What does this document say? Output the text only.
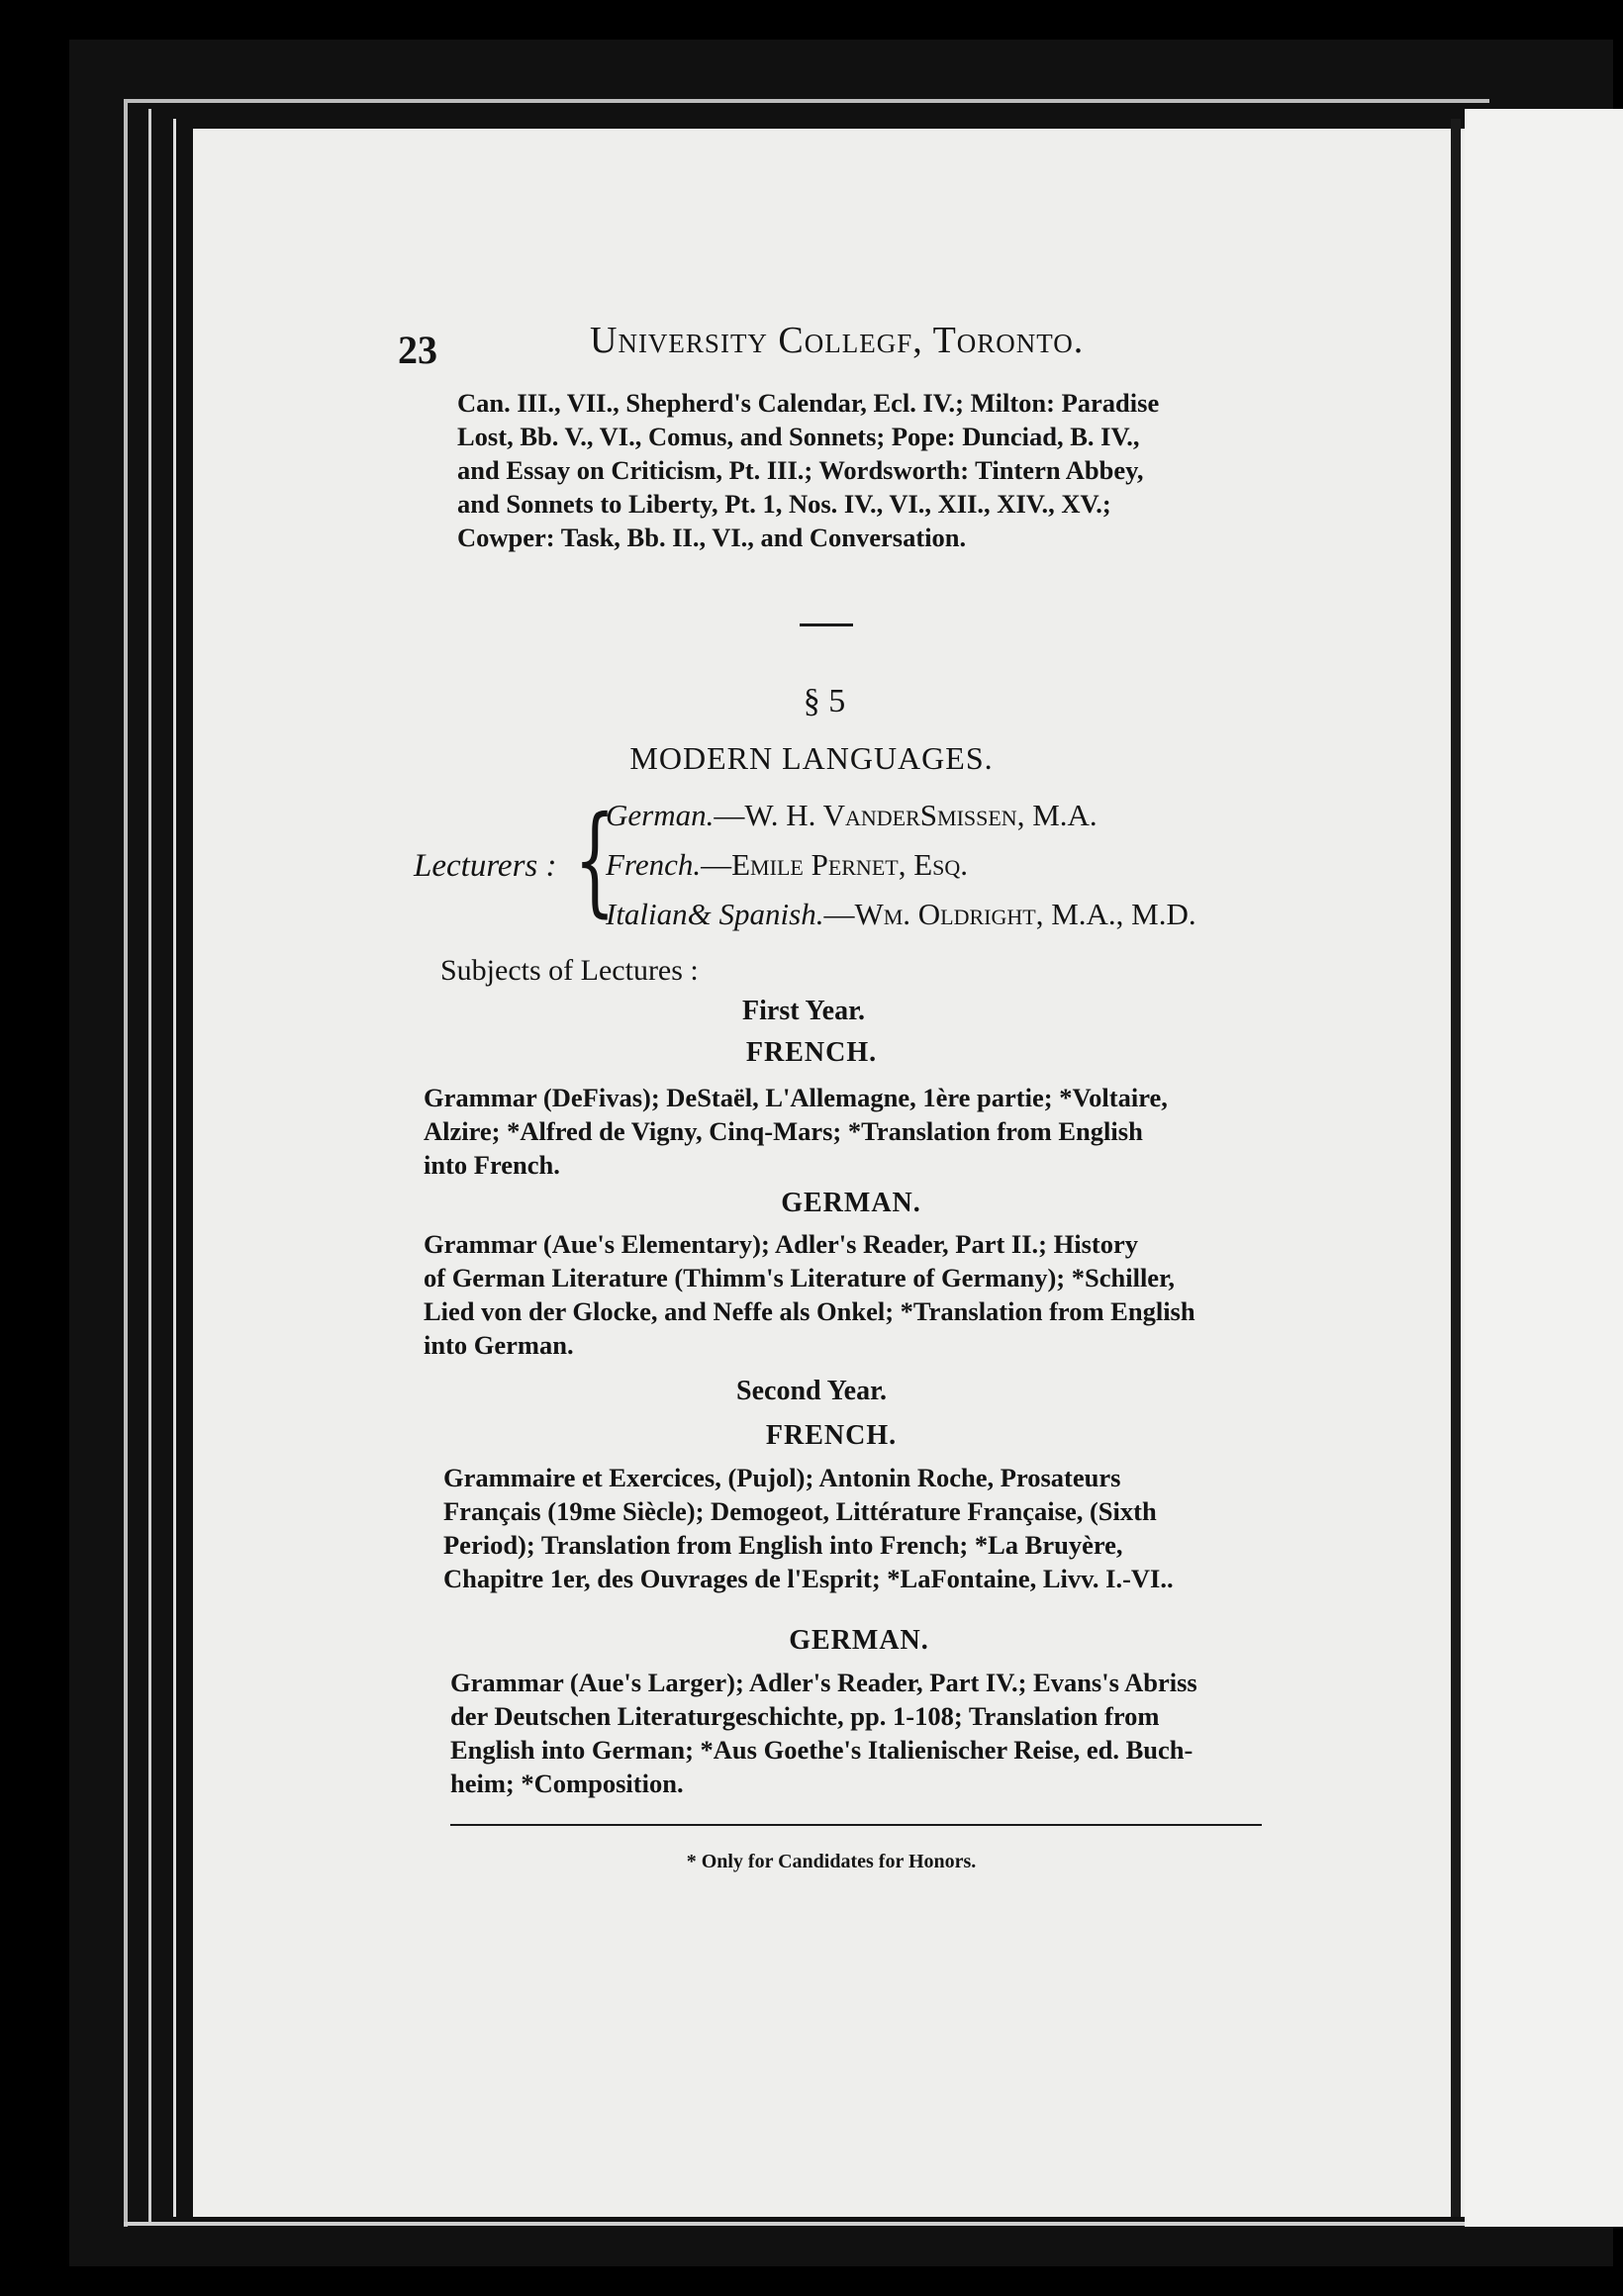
23	University Collegf, Toronto.
Can. III., VII., Shepherd's Calendar, Ecl. IV.; Milton: Paradise
Lost, Bb. V., VI., Comus, and Sonnets; Pope: Dunciad, B. IV.,
and Essay on Criticism, Pt. III.; Wordsworth: Tintern Abbey,
and Sonnets to Liberty, Pt. 1, Nos. IV., VI., XII., XIV., XV.;
Cowper: Task, Bb. II., VI., and Conversation.
§ 5
MODERN LANGUAGES.
Lecturers : {
German.—W. H. VanderSmissen, M.A.
French.—Emile Pernet, Esq.
Italian& Spanish.—Wm. Oldright, M.A., M.D.
Subjects of Lectures :
First Year.
FRENCH.
Grammar (DeFivas); DeStaël, L'Allemagne, 1ère partie; *Voltaire,
Alzire; *Alfred de Vigny, Cinq-Mars; *Translation from English
into French.
GERMAN.
Grammar (Aue's Elementary); Adler's Reader, Part II.; History
of German Literature (Thimm's Literature of Germany); *Schiller,
Lied von der Glocke, and Neffe als Onkel; *Translation from English
into German.
Second Year.
FRENCH.
Grammaire et Exercices, (Pujol); Antonin Roche, Prosateurs
Français (19me Siècle); Demogeot, Littérature Française, (Sixth
Period); Translation from English into French; *La Bruyère,
Chapitre 1er, des Ouvrages de l'Esprit; *LaFontaine, Livv. I.-VI..
GERMAN.
Grammar (Aue's Larger); Adler's Reader, Part IV.; Evans's Abriss
der Deutschen Literaturgeschichte, pp. 1-108; Translation from
English into German; *Aus Goethe's Italienischer Reise, ed. Buch-
heim; *Composition.
* Only for Candidates for Honors.
